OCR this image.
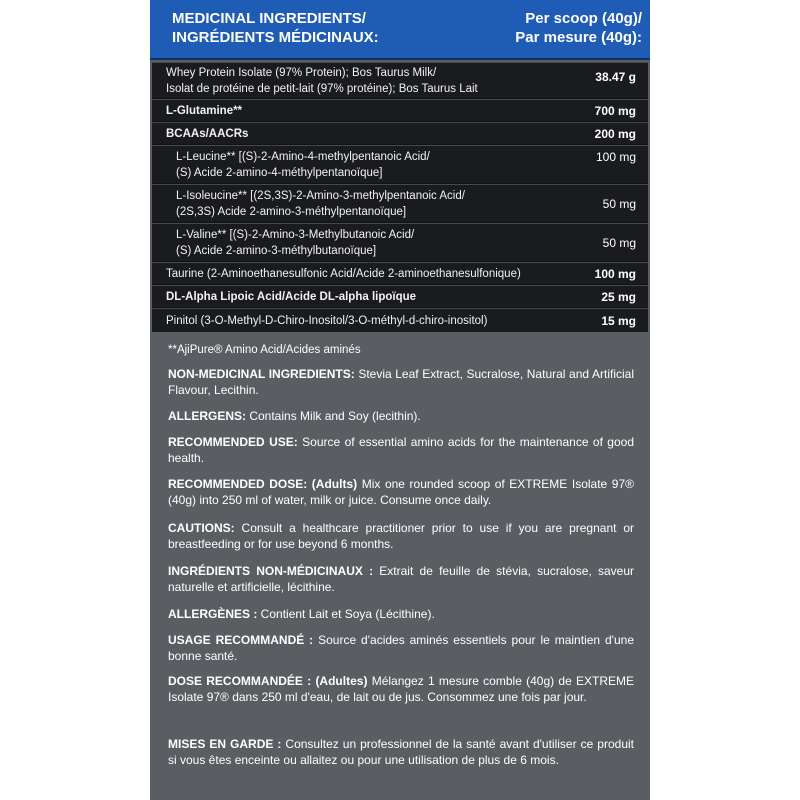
MEDICINAL INGREDIENTS/
INGRÉDIENTS MÉDICINAUX:
Per scoop (40g)/
Par mesure (40g):
Whey Protein Isolate (97% Protein); Bos Taurus Milk/
Isolat de protéine de petit-lait (97% protéine); Bos Taurus Lait
38.47 g
L-Glutamine**	700 mg
BCAAs/AACRs	200 mg
L-Leucine** [(S)-2-Amino-4-methylpentanoic Acid/
(S) Acide 2-amino-4-méthylpentanoïque]
100 mg
L-Isoleucine** [(2S,3S)-2-Amino-3-methylpentanoic Acid/
(2S,3S) Acide 2-amino-3-méthylpentanoïque]
50 mg
L-Valine** [(S)-2-Amino-3-Methylbutanoic Acid/
(S) Acide 2-amino-3-méthylbutanoïque]
50 mg
Taurine (2-Aminoethanesulfonic Acid/Acide 2-aminoethanesulfonique)	100 mg
DL-Alpha Lipoic Acid/Acide DL-alpha lipoïque	25 mg
Pinitol (3-O-Methyl-D-Chiro-Inositol/3-O-méthyl-d-chiro-inositol)	15 mg
**AjiPure® Amino Acid/Acides aminés
NON-MEDICINAL INGREDIENTS: Stevia Leaf Extract, Sucralose, Natural and Artificial Flavour, Lecithin.
ALLERGENS: Contains Milk and Soy (lecithin).
RECOMMENDED USE: Source of essential amino acids for the maintenance of good health.
RECOMMENDED DOSE: (Adults) Mix one rounded scoop of EXTREME Isolate 97® (40g) into 250 ml of water, milk or juice. Consume once daily.
CAUTIONS: Consult a healthcare practitioner prior to use if you are pregnant or breastfeeding or for use beyond 6 months.
INGRÉDIENTS NON-MÉDICINAUX : Extrait de feuille de stévia, sucralose, saveur naturelle et artificielle, lécithine.
ALLERGÈNES : Contient Lait et Soya (Lécithine).
USAGE RECOMMANDÉ : Source d'acides aminés essentiels pour le maintien d'une bonne santé.
DOSE RECOMMANDÉE : (Adultes) Mélangez 1 mesure comble (40g) de EXTREME Isolate 97® dans 250 ml d'eau, de lait ou de jus. Consommez une fois par jour.
MISES EN GARDE : Consultez un professionnel de la santé avant d'utiliser ce produit si vous êtes enceinte ou allaitez ou pour une utilisation de plus de 6 mois.
